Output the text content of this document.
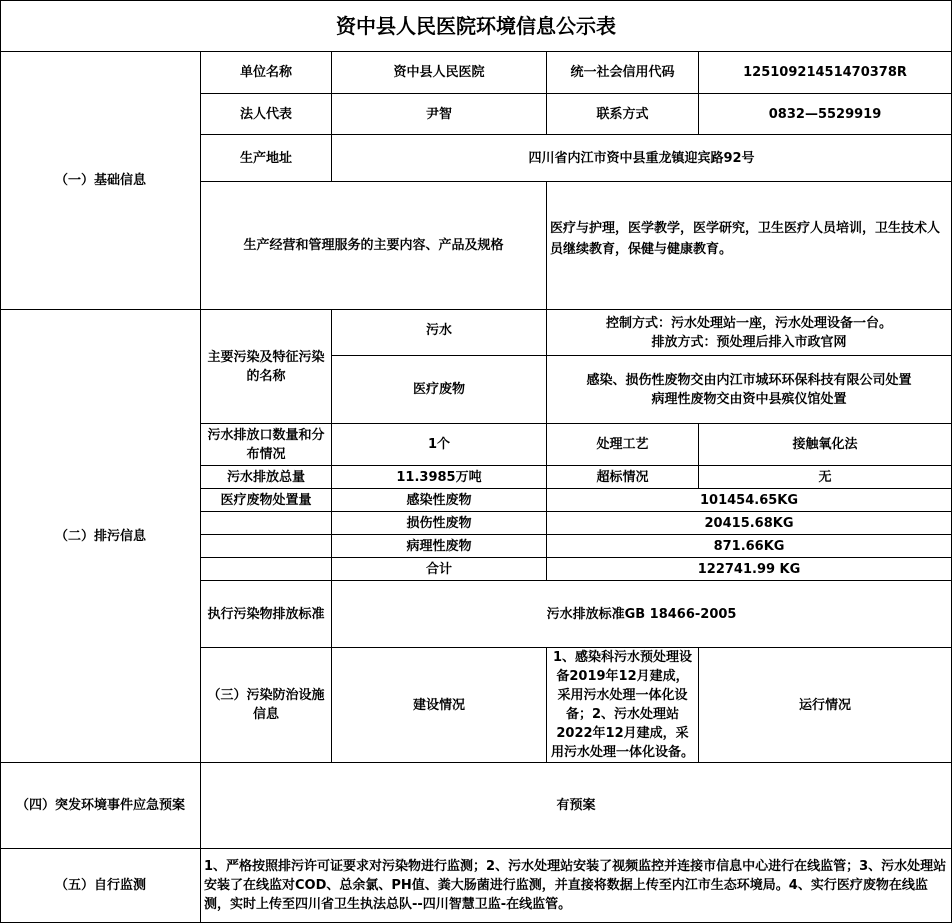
资中县人民医院环境信息公示表					
（一）基础信息	单位名称	资中县人民医院	统一社会信用代码	12510921451470378R	
	法人代表	尹智	联系方式	0832—5529919	
	生产地址	四川省内江市资中县重龙镇迎宾路92号			
	生产经营和管理服务的主要内容、产品及规格		医疗与护理，医学教学，医学研究，卫生医疗人员培训，卫生技术人员继续教育，保健与健康教育。		
（二）排污信息	主要污染及特征污染的名称	污水	控制方式：污水处理站一座，污水处理设备一台。
排放方式：预处理后排入市政官网		

		医疗废物	感染、损伤性废物交由内江市城环环保科技有限公司处置
病理性废物交由资中县殡仪馆处置		

	污水排放口数量和分布情况	1个	处理工艺	接触氧化法	
	污水排放总量	11.3985万吨	超标情况	无	
	医疗废物处置量	感染性废物	101454.65KG		
		损伤性废物	20415.68KG		
		病理性废物	871.66KG		
		合计	122741.99 KG		
	执行污染物排放标准	污水排放标准GB 18466-2005			
	（三）污染防治设施信息	建设情况	1、感染科污水预处理设备2019年12月建成，采用污水处理一体化设备；2、污水处理站2022年12月建成，采用污水处理一体化设备。	运行情况	
（四）突发环境事件应急预案	有预案				
（五）自行监测	1、严格按照排污许可证要求对污染物进行监测；2、污水处理站安装了视频监控并连接市信息中心进行在线监管；3、污水处理站安装了在线监对COD、总余氯、PH值、粪大肠菌进行监测，并直接将数据上传至内江市生态环境局。4、实行医疗废物在线监测，实时上传至四川省卫生执法总队--四川智慧卫监-在线监管。				
